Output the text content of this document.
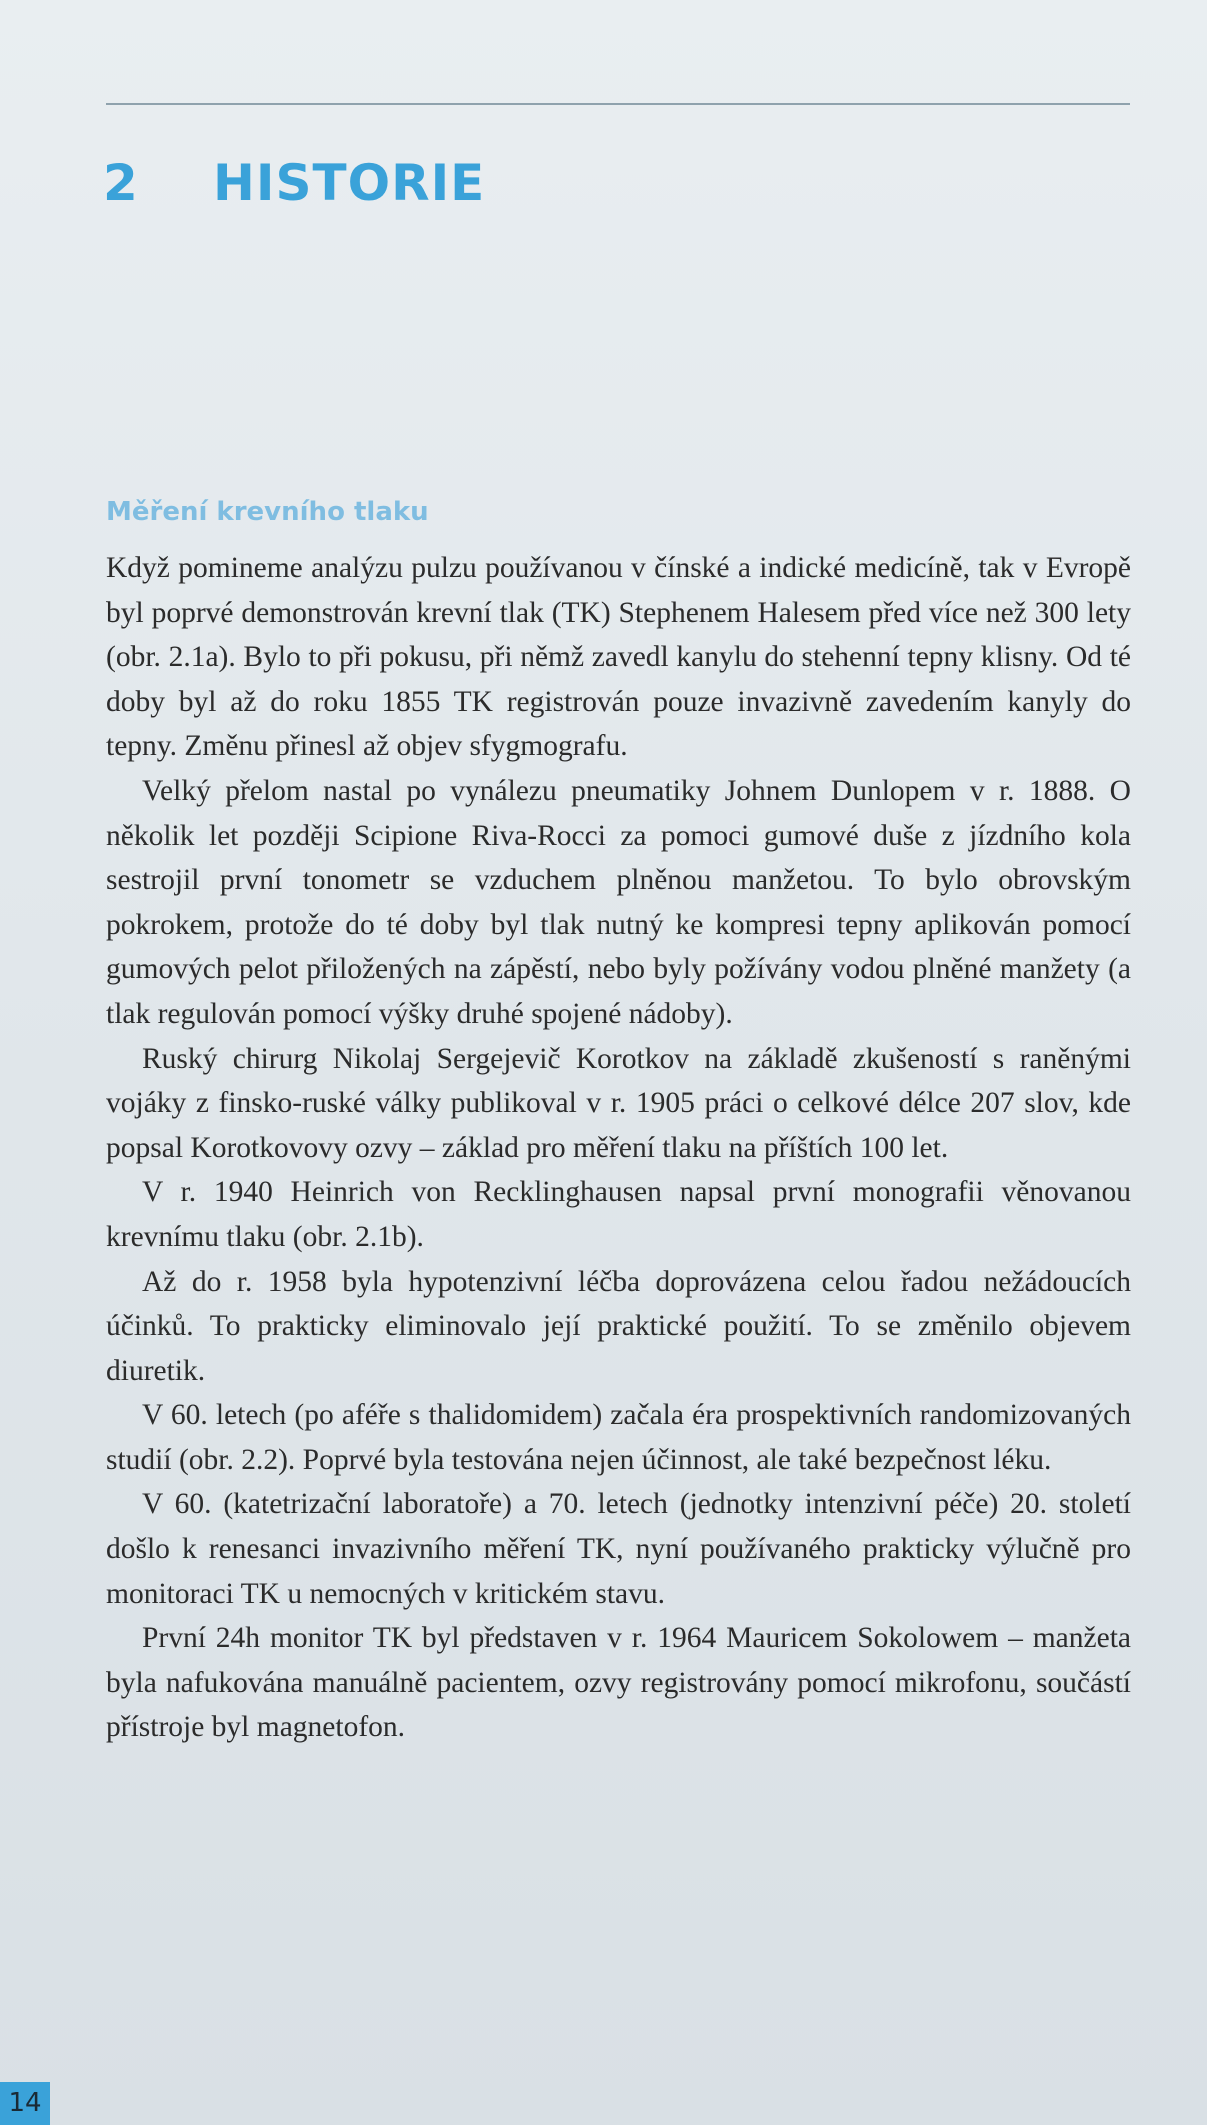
2 HISTORIE
Měření krevního tlaku

Když pomineme analýzu pulzu používanou v čínské a indické medicíně, tak v Evropě byl poprvé demonstrován krevní tlak (TK) Stephenem Halesem před více než 300 lety (obr. 2.1a). Bylo to při pokusu, při němž zavedl kanylu do stehenní tepny klisny. Od té doby byl až do roku 1855 TK registrován pouze invazivně zavedením kanyly do tepny. Změnu přinesl až objev sfygmografu.

Velký přelom nastal po vynálezu pneumatiky Johnem Dunlopem v r. 1888. O několik let později Scipione Riva-Rocci za pomoci gumové duše z jízdního kola sestrojil první tonometr se vzduchem plněnou manžetou. To bylo obrovským pokrokem, protože do té doby byl tlak nutný ke kompresi tepny aplikován pomocí gumových pelot přiložených na zápěstí, nebo byly požívány vodou plněné manžety (a tlak regulován pomocí výšky druhé spojené nádoby).

Ruský chirurg Nikolaj Sergejevič Korotkov na základě zkušeností s raněnými vojáky z finsko-ruské války publikoval v r. 1905 práci o celkové délce 207 slov, kde popsal Korotkovovy ozvy – základ pro měření tlaku na příštích 100 let.

V r. 1940 Heinrich von Recklinghausen napsal první monografii věnovanou krevnímu tlaku (obr. 2.1b).

Až do r. 1958 byla hypotenzivní léčba doprovázena celou řadou nežádoucích účinků. To prakticky eliminovalo její praktické použití. To se změnilo objevem diuretik.

V 60. letech (po aféře s thalidomidem) začala éra prospektivních randomizovaných studií (obr. 2.2). Poprvé byla testována nejen účinnost, ale také bezpečnost léku.

V 60. (katetrizační laboratoře) a 70. letech (jednotky intenzivní péče) 20. století došlo k renesanci invazivního měření TK, nyní používaného prakticky výlučně pro monitoraci TK u nemocných v kritickém stavu.

První 24h monitor TK byl představen v r. 1964 Mauricem Sokolowem – manžeta byla nafukována manuálně pacientem, ozvy registrovány pomocí mikrofonu, součástí přístroje byl magnetofon.

14
